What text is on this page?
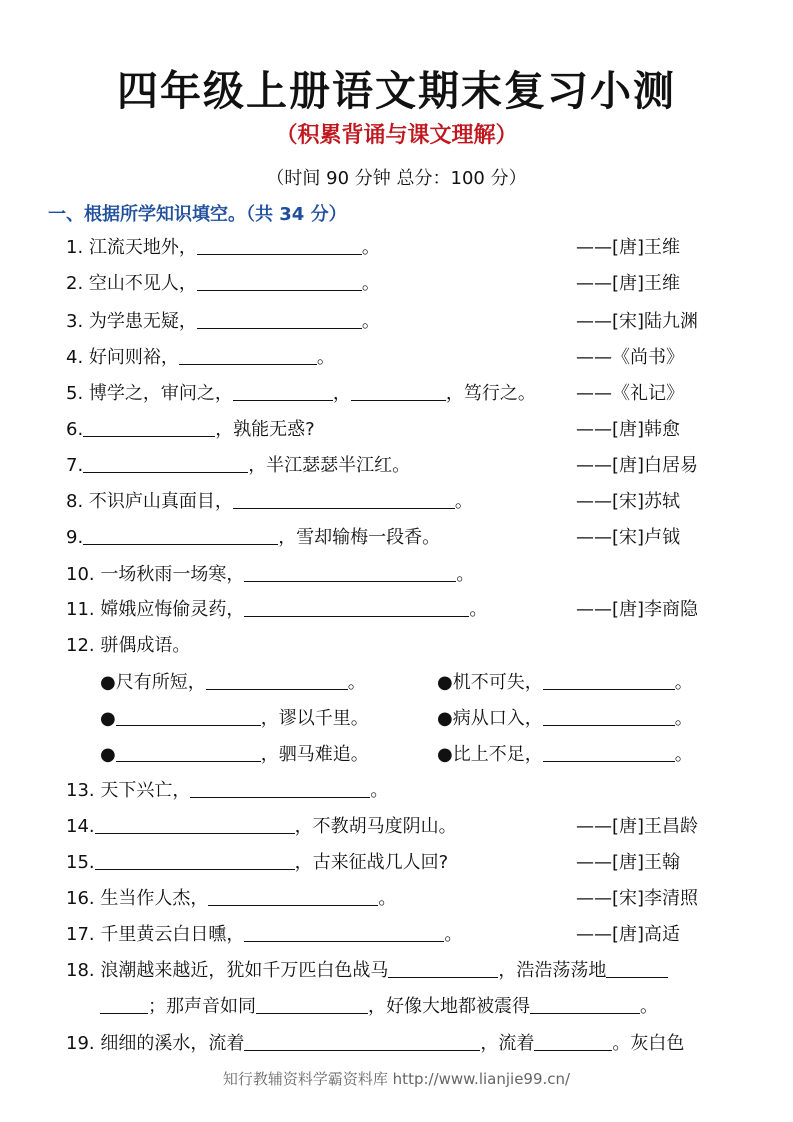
四年级上册语文期末复习小测
（积累背诵与课文理解）
（时间 90 分钟 总分：100 分）
一、根据所学知识填空。（共 34 分）
1. 江流天地外，	。	——[唐]王维
2. 空山不见人，	。	——[唐]王维
3. 为学患无疑，	。	——[宋]陆九渊
4. 好问则裕，	。	——《尚书》
5. 博学之，审问之，	，	，笃行之。 ——《礼记》
6.	，孰能无惑?	——[唐]韩愈
7.	，半江瑟瑟半江红。	——[唐]白居易
8. 不识庐山真面目，	。	——[宋]苏轼
9.	，雪却输梅一段香。	——[宋]卢钺
10. 一场秋雨一场寒，	。
11. 嫦娥应悔偷灵药，	。	——[唐]李商隐
12. 骈偶成语。
●尺有所短，	。	●机不可失，	。
●	，谬以千里。	●病从口入，	。
●	，驷马难追。	●比上不足，	。
13. 天下兴亡，	。
14.	，不教胡马度阴山。	——[唐]王昌龄
15.	，古来征战几人回?	——[唐]王翰
16. 生当作人杰，	。	——[宋]李清照
17. 千里黄云白日曛，	。	——[唐]高适
18. 浪潮越来越近，犹如千万匹白色战马	，浩浩荡荡地
；那声音如同	，好像大地都被震得	。
19. 细细的溪水，流着	，流着	。灰白色
知行教辅资料学霸资料库 http://www.lianjie99.cn/
